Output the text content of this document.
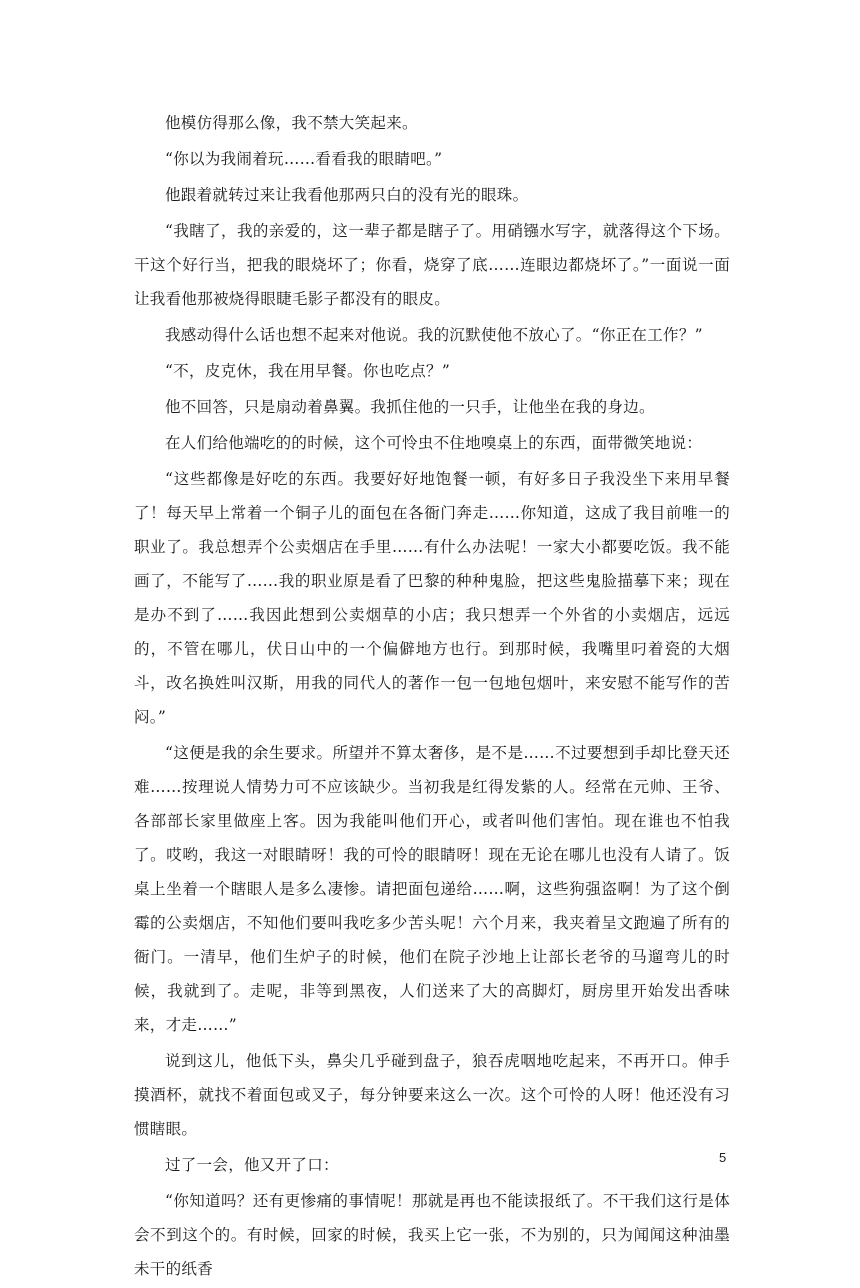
他模仿得那么像，我不禁大笑起来。

“你以为我闹着玩……看看我的眼睛吧。”

他跟着就转过来让我看他那两只白的没有光的眼珠。

“我瞎了，我的亲爱的，这一辈子都是瞎子了。用硝镪水写字，就落得这个下场。干这个好行当，把我的眼烧坏了；你看，烧穿了底……连眼边都烧坏了。”一面说一面让我看他那被烧得眼睫毛影子都没有的眼皮。

我感动得什么话也想不起来对他说。我的沉默使他不放心了。“你正在工作？”

“不，皮克休，我在用早餐。你也吃点？”

他不回答，只是扇动着鼻翼。我抓住他的一只手，让他坐在我的身边。

在人们给他端吃的的时候，这个可怜虫不住地嗅桌上的东西，面带微笑地说：

“这些都像是好吃的东西。我要好好地饱餐一顿，有好多日子我没坐下来用早餐了！每天早上常着一个铜子儿的面包在各衙门奔走……你知道，这成了我目前唯一的职业了。我总想弄个公卖烟店在手里……有什么办法呢！一家大小都要吃饭。我不能画了，不能写了……我的职业原是看了巴黎的种种鬼脸，把这些鬼脸描摹下来；现在是办不到了……我因此想到公卖烟草的小店；我只想弄一个外省的小卖烟店，远远的，不管在哪儿，伏日山中的一个偏僻地方也行。到那时候，我嘴里叼着瓷的大烟斗，改名换姓叫汉斯，用我的同代人的著作一包一包地包烟叶，来安慰不能写作的苦闷。”

“这便是我的余生要求。所望并不算太奢侈，是不是……不过要想到手却比登天还难……按理说人情势力可不应该缺少。当初我是红得发紫的人。经常在元帅、王爷、各部部长家里做座上客。因为我能叫他们开心，或者叫他们害怕。现在谁也不怕我了。哎哟，我这一对眼睛呀！我的可怜的眼睛呀！现在无论在哪儿也没有人请了。饭桌上坐着一个瞎眼人是多么凄惨。请把面包递给……啊，这些狗强盗啊！为了这个倒霉的公卖烟店，不知他们要叫我吃多少苦头呢！六个月来，我夹着呈文跑遍了所有的衙门。一清早，他们生炉子的时候，他们在院子沙地上让部长老爷的马遛弯儿的时候，我就到了。走呢，非等到黑夜，人们送来了大的高脚灯，厨房里开始发出香味来，才走……”

说到这儿，他低下头，鼻尖几乎碰到盘子，狼吞虎咽地吃起来，不再开口。伸手摸酒杯，就找不着面包或叉子，每分钟要来这么一次。这个可怜的人呀！他还没有习惯瞎眼。

过了一会，他又开了口：

“你知道吗？还有更惨痛的事情呢！那就是再也不能读报纸了。不干我们这行是体会不到这个的。有时候，回家的时候，我买上它一张，不为别的，只为闻闻这种油墨未干的纸香

5
